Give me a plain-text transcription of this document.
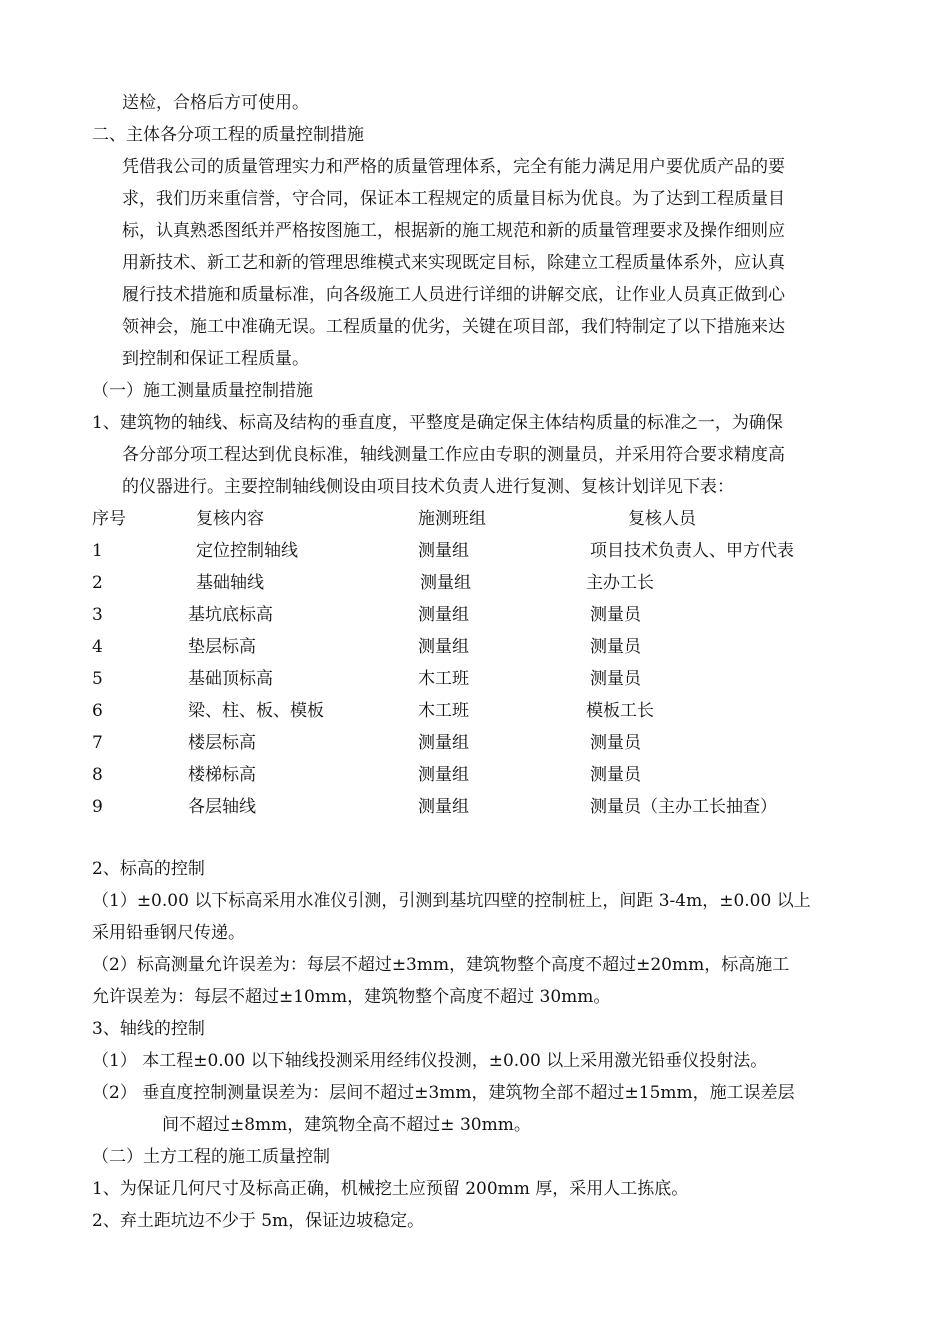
送检，合格后方可使用。
二、主体各分项工程的质量控制措施
凭借我公司的质量管理实力和严格的质量管理体系，完全有能力满足用户要优质产品的要
求，我们历来重信誉，守合同，保证本工程规定的质量目标为优良。为了达到工程质量目
标，认真熟悉图纸并严格按图施工，根据新的施工规范和新的质量管理要求及操作细则应
用新技术、新工艺和新的管理思维模式来实现既定目标，除建立工程质量体系外，应认真
履行技术措施和质量标准，向各级施工人员进行详细的讲解交底，让作业人员真正做到心
领神会，施工中准确无误。工程质量的优劣，关键在项目部，我们特制定了以下措施来达
到控制和保证工程质量。
（一）施工测量质量控制措施
1、建筑物的轴线、标高及结构的垂直度，平整度是确定保主体结构质量的标准之一，为确保
各分部分项工程达到优良标准，轴线测量工作应由专职的测量员，并采用符合要求精度高
的仪器进行。主要控制轴线侧设由项目技术负责人进行复测、复核计划详见下表：
序号	复核内容	施测班组	复核人员
1	定位控制轴线	测量组	项目技术负责人、甲方代表
2	基础轴线	测量组	主办工长
3	基坑底标高	测量组	测量员
4	垫层标高	测量组	测量员
5	基础顶标高	木工班	测量员
6	梁、柱、板、模板	木工班	模板工长
7	楼层标高	测量组	测量员
8	楼梯标高	测量组	测量员
9	各层轴线	测量组	测量员（主办工长抽查）
2、标高的控制
（1）±0.00 以下标高采用水准仪引测，引测到基坑四壁的控制桩上，间距 3-4m，±0.00 以上
采用铅垂钢尺传递。
（2）标高测量允许误差为：每层不超过±3mm，建筑物整个高度不超过±20mm，标高施工
允许误差为：每层不超过±10mm，建筑物整个高度不超过 30mm。
3、轴线的控制
（1） 本工程±0.00 以下轴线投测采用经纬仪投测，±0.00 以上采用激光铅垂仪投射法。
（2） 垂直度控制测量误差为：层间不超过±3mm，建筑物全部不超过±15mm，施工误差层
间不超过±8mm，建筑物全高不超过± 30mm。
（二）土方工程的施工质量控制
1、为保证几何尺寸及标高正确，机械挖土应预留 200mm 厚，采用人工拣底。
2、弃土距坑边不少于 5m，保证边坡稳定。
